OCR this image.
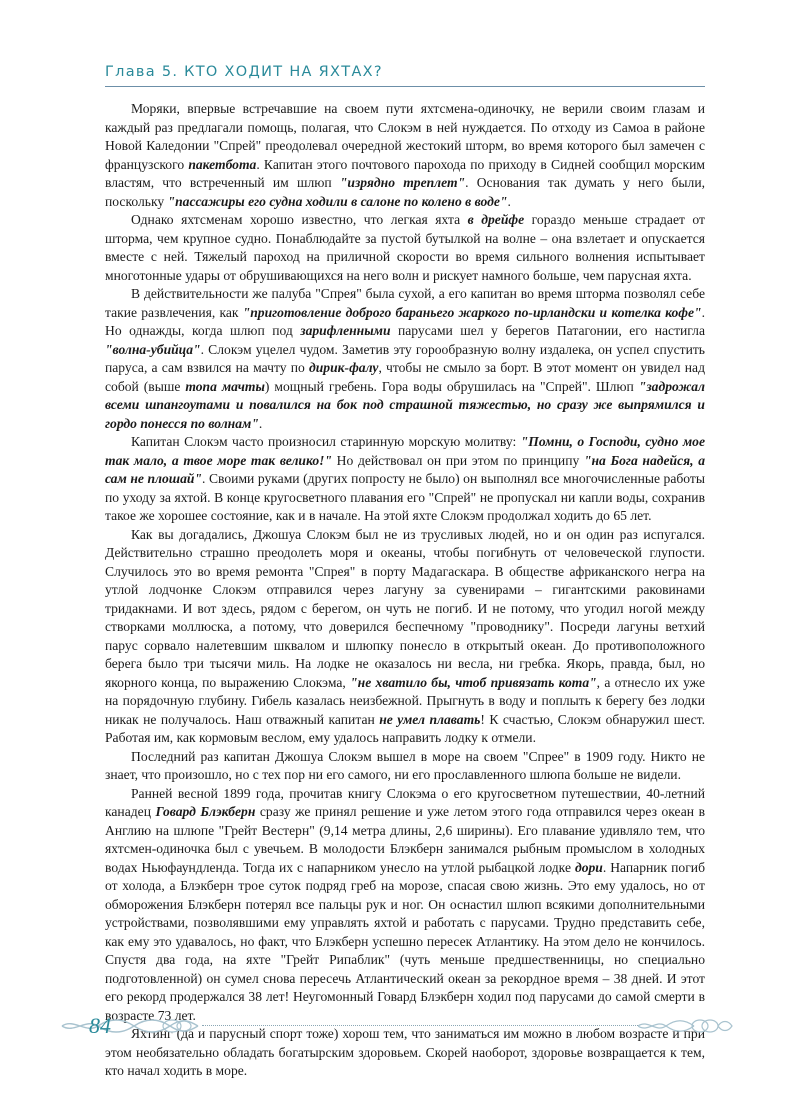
Глава 5. КТО ХОДИТ НА ЯХТАХ?

Моряки, впервые встречавшие на своем пути яхтсмена-одиночку, не верили своим глазам и каждый раз предлагали помощь, полагая, что Слокэм в ней нуждается. По отходу из Самоа в районе Новой Каледонии "Спрей" преодолевал очередной жестокий шторм, во время которого был замечен с французского пакетбота. Капитан этого почтового парохода по приходу в Сидней сообщил морским властям, что встреченный им шлюп "изрядно треплет". Основания так думать у него были, поскольку "пассажиры его судна ходили в салоне по колено в воде".

Однако яхтсменам хорошо известно, что легкая яхта в дрейфе гораздо меньше страдает от шторма, чем крупное судно. Понаблюдайте за пустой бутылкой на волне – она взлетает и опускается вместе с ней. Тяжелый пароход на приличной скорости во время сильного волнения испытывает многотонные удары от обрушивающихся на него волн и рискует намного больше, чем парусная яхта.

В действительности же палуба "Спрея" была сухой, а его капитан во время шторма позволял себе такие развлечения, как "приготовление доброго бараньего жаркого по-ирландски и котелка кофе". Но однажды, когда шлюп под зарифленными парусами шел у берегов Патагонии, его настигла "волна-убийца". Слокэм уцелел чудом. Заметив эту горообразную волну издалека, он успел спустить паруса, а сам взвился на мачту по дирик-фалу, чтобы не смыло за борт. В этот момент он увидел над собой (выше топа мачты) мощный гребень. Гора воды обрушилась на "Спрей". Шлюп "задрожал всеми шпангоутами и повалился на бок под страшной тяжестью, но сразу же выпрямился и гордо понесся по волнам".

Капитан Слокэм часто произносил старинную морскую молитву: "Помни, о Господи, судно мое так мало, а твое море так велико!" Но действовал он при этом по принципу "на Бога надейся, а сам не плошай". Своими руками (других попросту не было) он выполнял все многочисленные работы по уходу за яхтой. В конце кругосветного плавания его "Спрей" не пропускал ни капли воды, сохранив такое же хорошее состояние, как и в начале. На этой яхте Слокэм продолжал ходить до 65 лет.

Как вы догадались, Джошуа Слокэм был не из трусливых людей, но и он один раз испугался. Действительно страшно преодолеть моря и океаны, чтобы погибнуть от человеческой глупости. Случилось это во время ремонта "Спрея" в порту Мадагаскара. В обществе африканского негра на утлой лодчонке Слокэм отправился через лагуну за сувенирами – гигантскими раковинами тридакнами. И вот здесь, рядом с берегом, он чуть не погиб. И не потому, что угодил ногой между створками моллюска, а потому, что доверился беспечному "проводнику". Посреди лагуны ветхий парус сорвало налетевшим шквалом и шлюпку понесло в открытый океан. До противоположного берега было три тысячи миль. На лодке не оказалось ни весла, ни гребка. Якорь, правда, был, но якорного конца, по выражению Слокэма, "не хватило бы, чтоб привязать кота", а отнесло их уже на порядочную глубину. Гибель казалась неизбежной. Прыгнуть в воду и поплыть к берегу без лодки никак не получалось. Наш отважный капитан не умел плавать! К счастью, Слокэм обнаружил шест. Работая им, как кормовым веслом, ему удалось направить лодку к отмели.

Последний раз капитан Джошуа Слокэм вышел в море на своем "Спрее" в 1909 году. Никто не знает, что произошло, но с тех пор ни его самого, ни его прославленного шлюпа больше не видели.

Ранней весной 1899 года, прочитав книгу Слокэма о его кругосветном путешествии, 40-летний канадец Говард Блэкберн сразу же принял решение и уже летом этого года отправился через океан в Англию на шлюпе "Грейт Вестерн" (9,14 метра длины, 2,6 ширины). Его плавание удивляло тем, что яхтсмен-одиночка был с увечьем. В молодости Блэкберн занимался рыбным промыслом в холодных водах Ньюфаундленда. Тогда их с напарником унесло на утлой рыбацкой лодке дори. Напарник погиб от холода, а Блэкберн трое суток подряд греб на морозе, спасая свою жизнь. Это ему удалось, но от обморожения Блэкберн потерял все пальцы рук и ног. Он оснастил шлюп всякими дополнительными устройствами, позволявшими ему управлять яхтой и работать с парусами. Трудно представить себе, как ему это удавалось, но факт, что Блэкберн успешно пересек Атлантику. На этом дело не кончилось. Спустя два года, на яхте "Грейт Рипаблик" (чуть меньше предшественницы, но специально подготовленной) он сумел снова пересечь Атлантический океан за рекордное время – 38 дней. И этот его рекорд продержался 38 лет! Неугомонный Говард Блэкберн ходил под парусами до самой смерти в возрасте 73 лет.

Яхтинг (да и парусный спорт тоже) хорош тем, что заниматься им можно в любом возрасте и при этом необязательно обладать богатырским здоровьем. Скорей наоборот, здоровье возвращается к тем, кто начал ходить в море.

84
